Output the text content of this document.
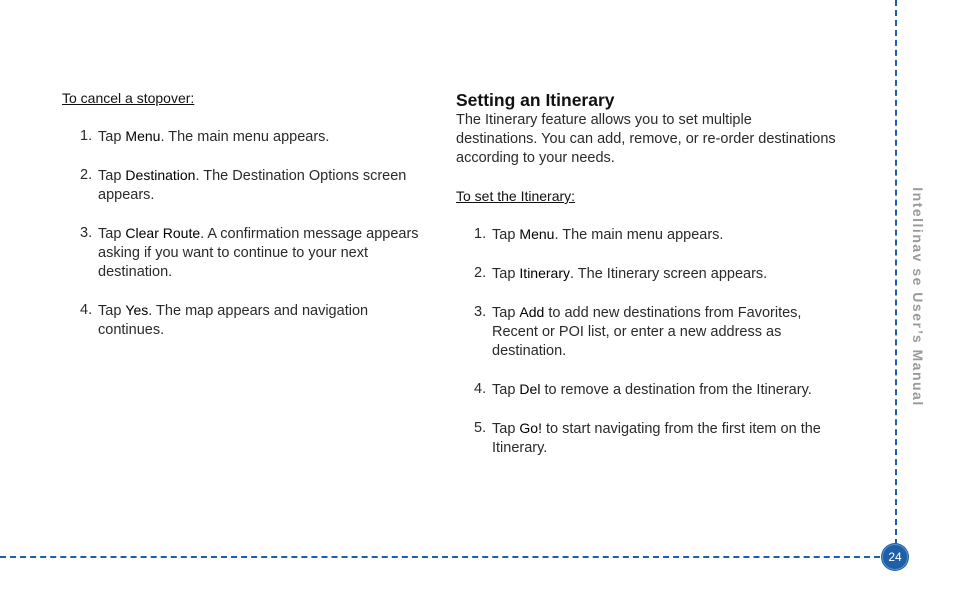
To cancel a stopover:

1. Tap Menu. The main menu appears.
2. Tap Destination. The Destination Options screen appears.
3. Tap Clear Route. A confirmation message appears asking if you want to continue to your next destination.
4. Tap Yes. The map appears and navigation continues.
Setting an Itinerary

The Itinerary feature allows you to set multiple destinations. You can add, remove, or re-order destinations according to your needs.

To set the Itinerary:

1. Tap Menu. The main menu appears.
2. Tap Itinerary. The Itinerary screen appears.
3. Tap Add to add new destinations from Favorites, Recent or POI list, or enter a new address as destination.
4. Tap Del to remove a destination from the Itinerary.
5. Tap Go! to start navigating from the first item on the Itinerary.
Intellinav se User’s Manual
24
